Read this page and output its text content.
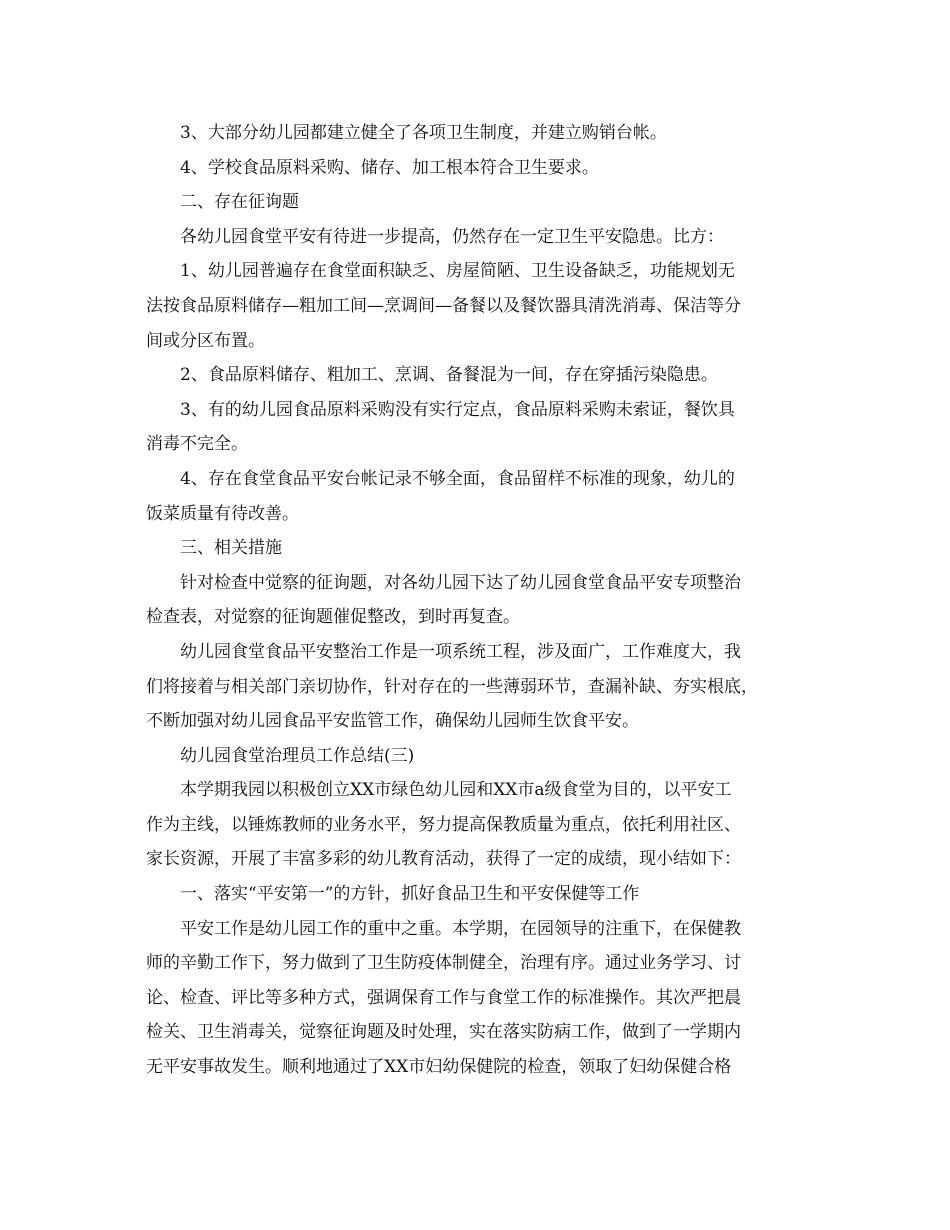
3、大部分幼儿园都建立健全了各项卫生制度，并建立购销台帐。
4、学校食品原料采购、储存、加工根本符合卫生要求。
二、存在征询题
各幼儿园食堂平安有待进一步提高，仍然存在一定卫生平安隐患。比方：
1、幼儿园普遍存在食堂面积缺乏、房屋简陋、卫生设备缺乏，功能规划无
法按食品原料储存—粗加工间—烹调间—备餐以及餐饮器具清洗消毒、保洁等分
间或分区布置。
2、食品原料储存、粗加工、烹调、备餐混为一间，存在穿插污染隐患。
3、有的幼儿园食品原料采购没有实行定点，食品原料采购未索证，餐饮具
消毒不完全。
4、存在食堂食品平安台帐记录不够全面，食品留样不标准的现象，幼儿的
饭菜质量有待改善。
三、相关措施
针对检查中觉察的征询题，对各幼儿园下达了幼儿园食堂食品平安专项整治
检查表，对觉察的征询题催促整改，到时再复查。
幼儿园食堂食品平安整治工作是一项系统工程，涉及面广，工作难度大，我
们将接着与相关部门亲切协作，针对存在的一些薄弱环节，查漏补缺、夯实根底，
不断加强对幼儿园食品平安监管工作，确保幼儿园师生饮食平安。
幼儿园食堂治理员工作总结(三)
本学期我园以积极创立XX市绿色幼儿园和XX市a级食堂为目的，以平安工
作为主线，以锤炼教师的业务水平，努力提高保教质量为重点，依托利用社区、
家长资源，开展了丰富多彩的幼儿教育活动，获得了一定的成绩，现小结如下：
一、落实“平安第一”的方针，抓好食品卫生和平安保健等工作
平安工作是幼儿园工作的重中之重。本学期，在园领导的注重下，在保健教
师的辛勤工作下，努力做到了卫生防疫体制健全，治理有序。通过业务学习、讨
论、检查、评比等多种方式，强调保育工作与食堂工作的标准操作。其次严把晨
检关、卫生消毒关，觉察征询题及时处理，实在落实防病工作，做到了一学期内
无平安事故发生。顺利地通过了XX市妇幼保健院的检查，领取了妇幼保健合格
